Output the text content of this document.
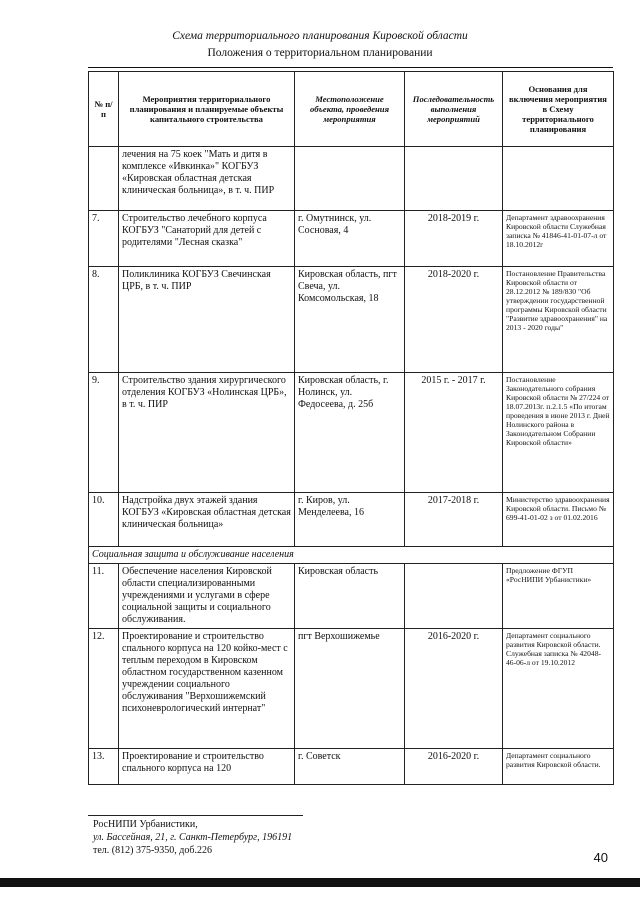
Схема территориального планирования Кировской области
Положения о территориальном планировании
№ п/п	Мероприятия территориального планирования и планируемые объекты капитального строительства	Местоположение объекта, проведения мероприятия	Последовательность выполнения мероприятий	Основания для включения мероприятия в Схему территориального планирования
	лечения на 75 коек "Мать и дитя в комплексе «Ивкинка»" КОГБУЗ «Кировская областная детская клиническая больница», в т. ч. ПИР			
7.	Строительство лечебного корпуса КОГБУЗ "Санаторий для детей с родителями "Лесная сказка"	г. Омутнинск, ул. Сосновая, 4	2018-2019 г.	Департамент здравоохранения Кировской области Служебная записка № 41846-41-01-07-л от 18.10.2012г
8.	Поликлиника КОГБУЗ Свечинская ЦРБ, в т. ч. ПИР	Кировская область, пгт Свеча, ул. Комсомольская, 18	2018-2020 г.	Постановление Правительства Кировской области от 28.12.2012 № 189/830 "Об утверждении государственной программы Кировской области "Развитие здравоохранения" на 2013 - 2020 годы"
9.	Строительство здания хирургического отделения КОГБУЗ «Нолинская ЦРБ», в т. ч. ПИР	Кировская область, г. Нолинск, ул. Федосеева, д. 25б	2015 г. - 2017 г.	Постановление Законодательного собрания Кировской области № 27/224 от 18.07.2013г. п.2.1.5 «По итогам проведения в июне 2013 г. Дней Нолинского района в Законодательном Собрании Кировской области»
10.	Надстройка двух этажей здания КОГБУЗ «Кировская областная детская клиническая больница»	г. Киров, ул. Менделеева, 16	2017-2018 г.	Министерство здравоохранения Кировской области. Письмо № 699-41-01-02 з от 01.02.2016
Социальная защита и обслуживание населения				
11.	Обеспечение населения Кировской области специализированными учреждениями и услугами в сфере социальной защиты и социального обслуживания.	Кировская область		Предложение ФГУП «РосНИПИ Урбанистики»
12.	Проектирование и строительство спального корпуса на 120 койко-мест с теплым переходом в Кировском областном государственном казенном учреждении социального обслуживания "Верхошижемский психоневрологический интернат"	пгт Верхошижемье	2016-2020 г.	Департамент социального развития Кировской области. Служебная записка № 42048-46-06-л от 19.10.2012
13.	Проектирование и строительство спального корпуса на 120	г. Советск	2016-2020 г.	Департамент социального развития Кировской области.
РосНИПИ Урбанистики,
ул. Бассейная, 21, г. Санкт-Петербург, 196191
тел. (812) 375-9350, доб.226	40
